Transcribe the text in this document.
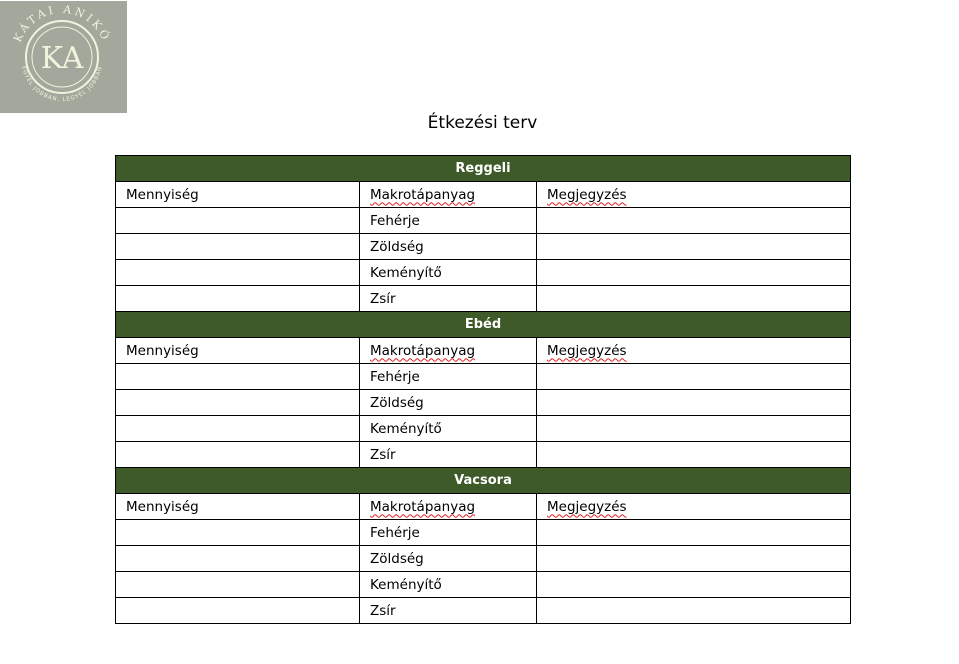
KÁTAI ANIKÓ
EGYÉL JOBBAN, LEGYÉL JOBBAN
KA
Étkezési terv
Reggeli		
Mennyiség	Makrotápanyag	Megjegyzés
	Fehérje	
	Zöldség	
	Keményítő	
	Zsír	
Ebéd		
Mennyiség	Makrotápanyag	Megjegyzés
	Fehérje	
	Zöldség	
	Keményítő	
	Zsír	
Vacsora		
Mennyiség	Makrotápanyag	Megjegyzés
	Fehérje	
	Zöldség	
	Keményítő	
	Zsír	
